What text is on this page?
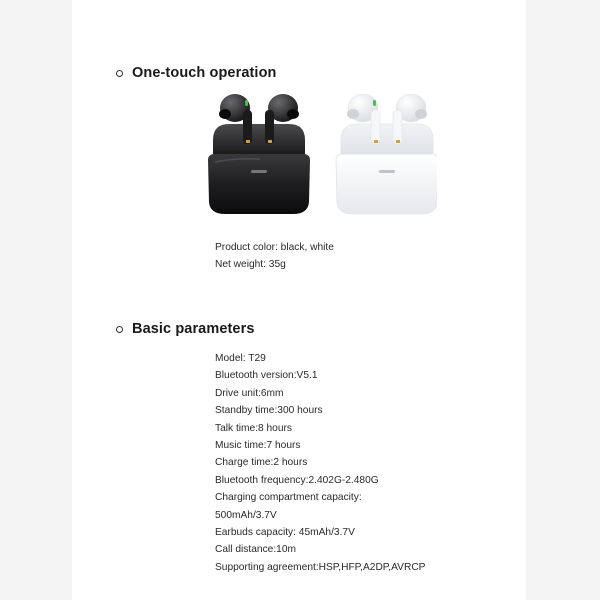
One-touch operation
Product color: black, white
Net weight: 35g
Basic parameters
Model: T29
Bluetooth version:V5.1
Drive unit:6mm
Standby time:300 hours
Talk time:8 hours
Music time:7 hours
Charge time:2 hours
Bluetooth frequency:2.402G-2.480G
Charging compartment capacity:
500mAh/3.7V
Earbuds capacity: 45mAh/3.7V
Call distance:10m
Supporting agreement:HSP,HFP,A2DP,AVRCP
